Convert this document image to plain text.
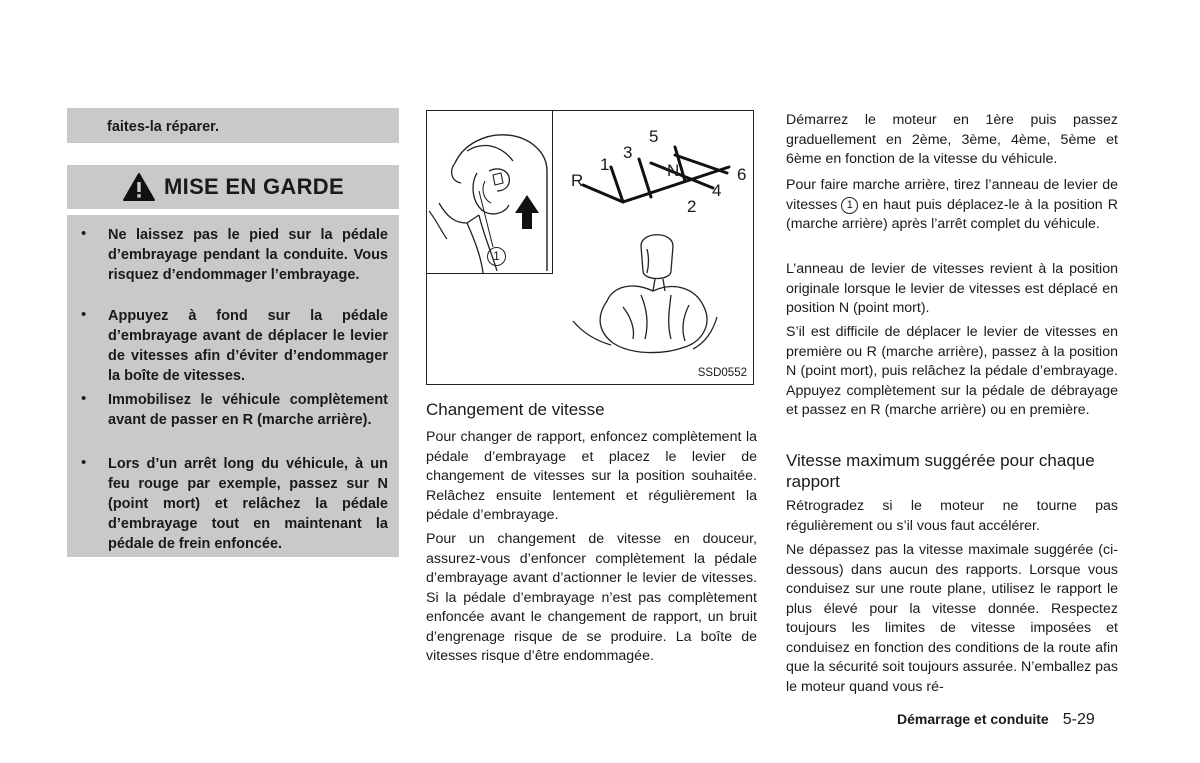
faites-la réparer.
MISE EN GARDE
• Ne laissez pas le pied sur la pédale d’embrayage pendant la conduite. Vous risquez d’endommager l’embrayage.
• Appuyez à fond sur la pédale d’embrayage avant de déplacer le levier de vitesses afin d’éviter d’endommager la boîte de vitesses.
• Immobilisez le véhicule complètement avant de passer en R (marche arrière).
• Lors d’un arrêt long du véhicule, à un feu rouge par exemple, passez sur N (point mort) et relâchez la pédale d’embrayage tout en maintenant la pédale de frein enfoncée.
1
R
1
3
5
N
4
6
2
SSD0552
Changement de vitesse

Pour changer de rapport, enfoncez complètement la pédale d’embrayage et placez le levier de changement de vitesses sur la position souhaitée. Relâchez ensuite lentement et régulièrement la pédale d’embrayage.

Pour un changement de vitesse en douceur, assurez-vous d’enfoncer complètement la pédale d’embrayage avant d’actionner le levier de vitesses. Si la pédale d’embrayage n’est pas complètement enfoncée avant le changement de rapport, un bruit d’engrenage risque de se produire. La boîte de vitesses risque d’être endommagée.

Démarrez le moteur en 1ère puis passez graduellement en 2ème, 3ème, 4ème, 5ème et 6ème en fonction de la vitesse du véhicule.

Pour faire marche arrière, tirez l’anneau de levier de vitesses 1 en haut puis déplacez-le à la position R (marche arrière) après l’arrêt complet du véhicule.

L’anneau de levier de vitesses revient à la position originale lorsque le levier de vitesses est déplacé en position N (point mort).

S’il est difficile de déplacer le levier de vitesses en première ou R (marche arrière), passez à la position N (point mort), puis relâchez la pédale d’embrayage. Appuyez complètement sur la pédale de débrayage et passez en R (marche arrière) ou en première.

Vitesse maximum suggérée pour chaque rapport

Rétrogradez si le moteur ne tourne pas régulièrement ou s’il vous faut accélérer.

Ne dépassez pas la vitesse maximale suggérée (ci-dessous) dans aucun des rapports. Lorsque vous conduisez sur une route plane, utilisez le rapport le plus élevé pour la vitesse donnée. Respectez toujours les limites de vitesse imposées et conduisez en fonction des conditions de la route afin que la sécurité soit toujours assurée. N’emballez pas le moteur quand vous ré-

Démarrage et conduite 5-29
